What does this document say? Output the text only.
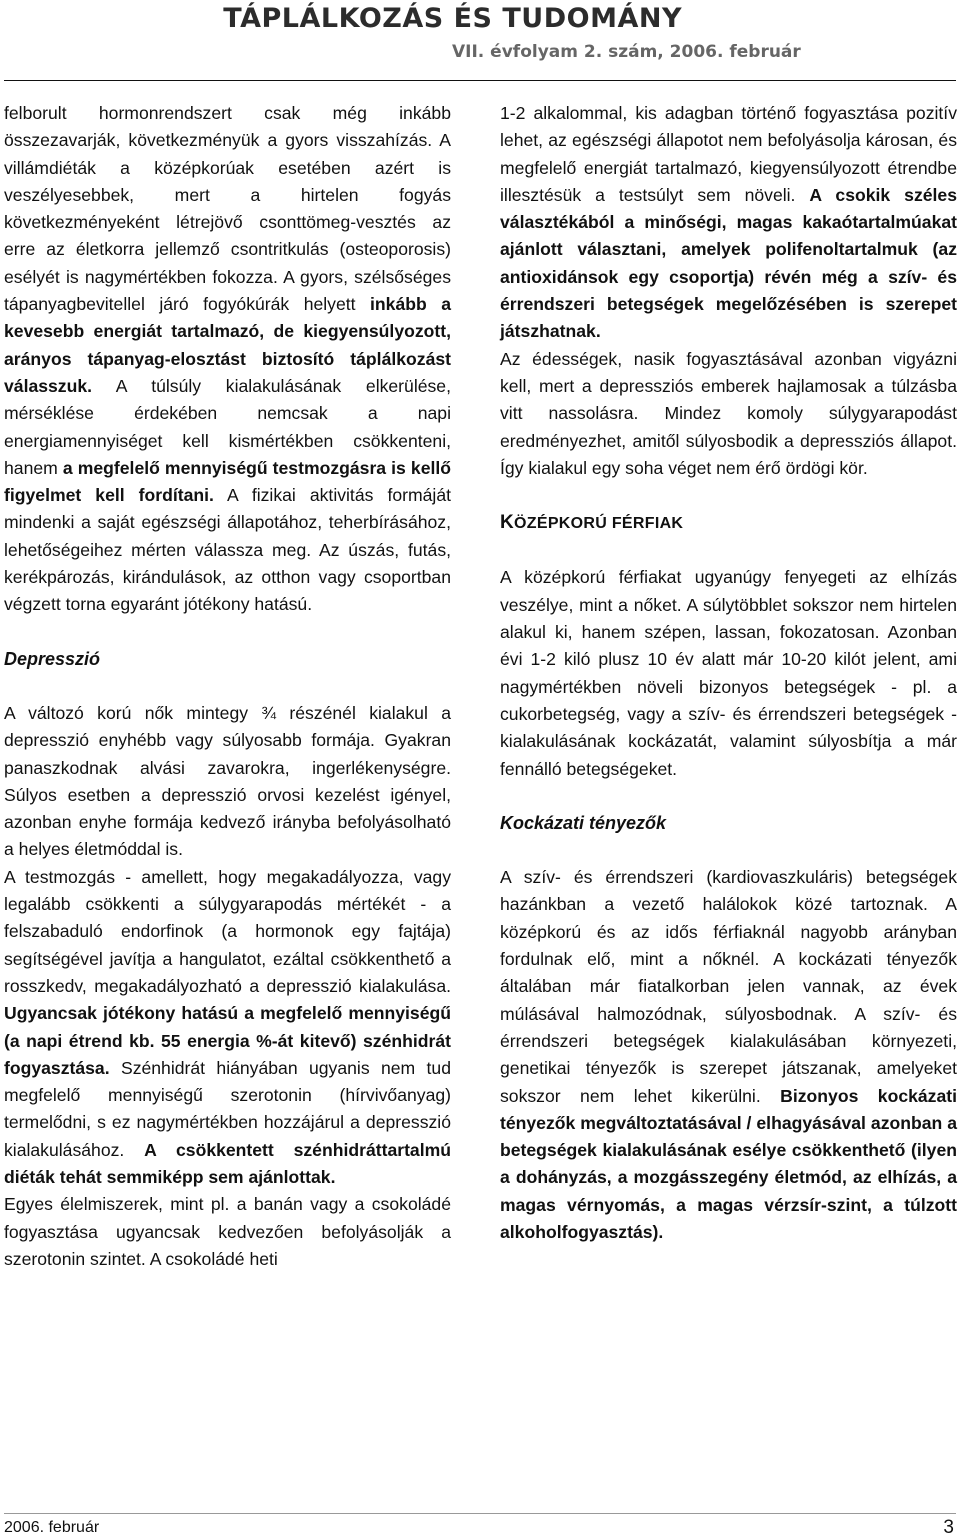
TÁPLÁLKOZÁS ÉS TUDOMÁNY
VII. évfolyam 2. szám, 2006. február

felborult hormonrendszert csak még inkább összezavarják, következményük a gyors visszahízás. A villámdiéták a középkorúak esetében azért is veszélyesebbek, mert a hirtelen fogyás következményeként létrejövő csonttömeg-vesztés az erre az életkorra jellemző csontritkulás (osteoporosis) esélyét is nagymértékben fokozza. A gyors, szélsőséges tápanyagbevitellel járó fogyókúrák helyett inkább a kevesebb energiát tartalmazó, de kiegyensúlyozott, arányos tápanyag-elosztást biztosító táplálkozást válasszuk. A túlsúly kialakulásának elkerülése, mérséklése érdekében nemcsak a napi energiamennyiséget kell kismértékben csökkenteni, hanem a megfelelő mennyiségű testmozgásra is kellő figyelmet kell fordítani. A fizikai aktivitás formáját mindenki a saját egészségi állapotához, teherbírásához, lehetőségeihez mérten válassza meg. Az úszás, futás, kerékpározás, kirándulások, az otthon vagy csoportban végzett torna egyaránt jótékony hatású.

Depresszió

A változó korú nők mintegy ¾ részénél kialakul a depresszió enyhébb vagy súlyosabb formája. Gyakran panaszkodnak alvási zavarokra, ingerlékenységre. Súlyos esetben a depresszió orvosi kezelést igényel, azonban enyhe formája kedvező irányba befolyásolható a helyes életmóddal is.

A testmozgás - amellett, hogy megakadályozza, vagy legalább csökkenti a súlygyarapodás mértékét - a felszabaduló endorfinok (a hormonok egy fajtája) segítségével javítja a hangulatot, ezáltal csökkenthető a rosszkedv, megakadályozható a depresszió kialakulása. Ugyancsak jótékony hatású a megfelelő mennyiségű (a napi étrend kb. 55 energia %-át kitevő) szénhidrát fogyasztása. Szénhidrát hiányában ugyanis nem tud megfelelő mennyiségű szerotonin (hírvivőanyag) termelődni, s ez nagymértékben hozzájárul a depresszió kialakulásához. A csökkentett szénhidráttartalmú diéták tehát semmiképp sem ajánlottak.

Egyes élelmiszerek, mint pl. a banán vagy a csokoládé fogyasztása ugyancsak kedvezően befolyásolják a szerotonin szintet. A csokoládé heti

1-2 alkalommal, kis adagban történő fogyasztása pozitív lehet, az egészségi állapotot nem befolyásolja károsan, és megfelelő energiát tartalmazó, kiegyensúlyozott étrendbe illesztésük a testsúlyt sem növeli. A csokik széles választékából a minőségi, magas kakaótartalmúakat ajánlott választani, amelyek polifenoltartalmuk (az antioxidánsok egy csoportja) révén még a szív- és érrendszeri betegségek megelőzésében is szerepet játszhatnak.

Az édességek, nasik fogyasztásával azonban vigyázni kell, mert a depressziós emberek hajlamosak a túlzásba vitt nassolásra. Mindez komoly súlygyarapodást eredményezhet, amitől súlyosbodik a depressziós állapot. Így kialakul egy soha véget nem érő ördögi kör.

KÖZÉPKORÚ FÉRFIAK

A középkorú férfiakat ugyanúgy fenyegeti az elhízás veszélye, mint a nőket. A súlytöbblet sokszor nem hirtelen alakul ki, hanem szépen, lassan, fokozatosan. Azonban évi 1-2 kiló plusz 10 év alatt már 10-20 kilót jelent, ami nagymértékben növeli bizonyos betegségek - pl. a cukorbetegség, vagy a szív- és érrendszeri betegségek - kialakulásának kockázatát, valamint súlyosbítja a már fennálló betegségeket.

Kockázati tényezők

A szív- és érrendszeri (kardiovaszkuláris) betegségek hazánkban a vezető halálokok közé tartoznak. A középkorú és az idős férfiaknál nagyobb arányban fordulnak elő, mint a nőknél. A kockázati tényezők általában már fiatalkorban jelen vannak, az évek múlásával halmozódnak, súlyosbodnak. A szív- és érrendszeri betegségek kialakulásában környezeti, genetikai tényezők is szerepet játszanak, amelyeket sokszor nem lehet kikerülni. Bizonyos kockázati tényezők megváltoztatásával / elhagyásával azonban a betegségek kialakulásának esélye csökkenthető (ilyen a dohányzás, a mozgásszegény életmód, az elhízás, a magas vérnyomás, a magas vérzsír-szint, a túlzott alkoholfogyasztás).

2006. február	3
